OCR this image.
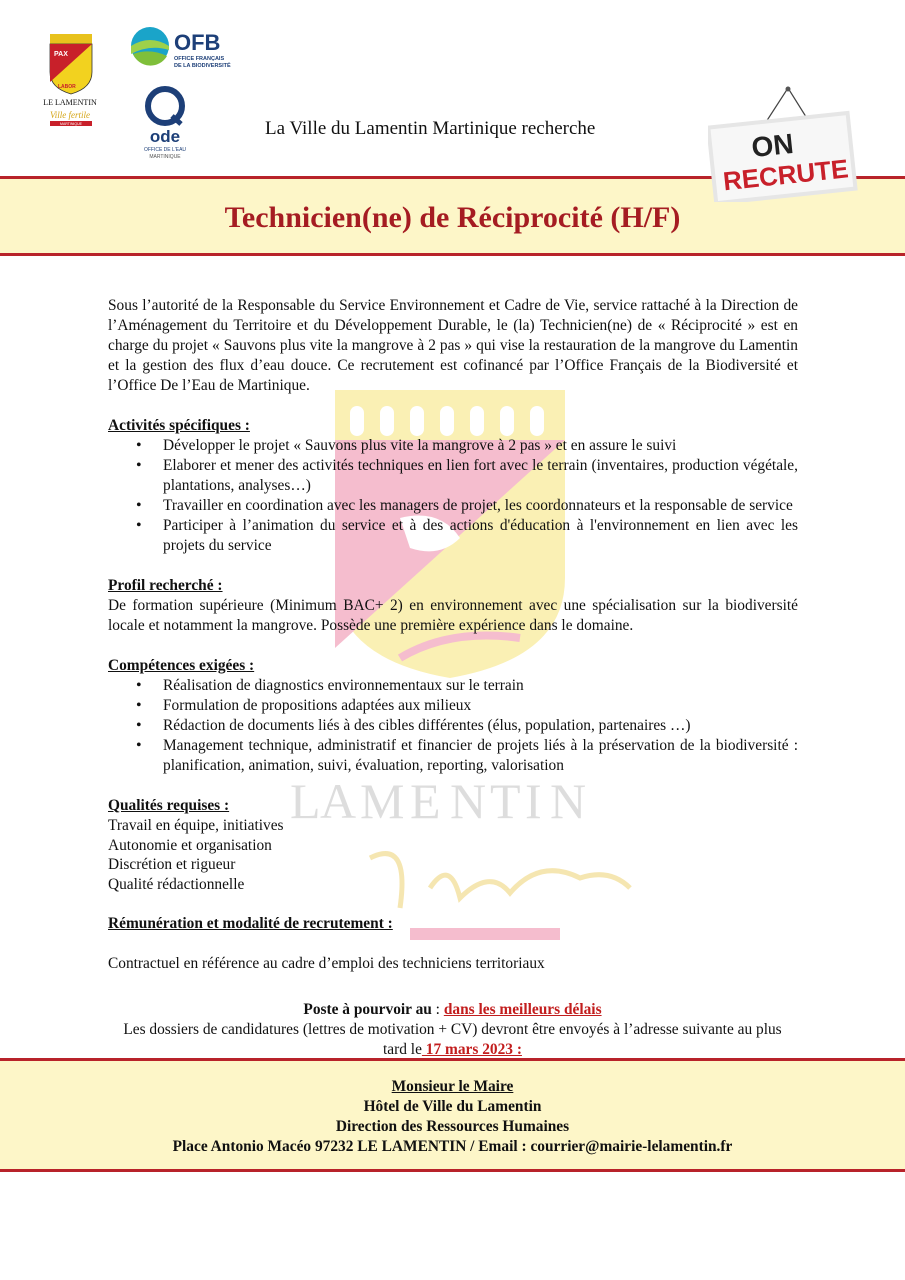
PAX
LABOR
LE LAMENTIN
Ville fertile
MARTINIQUE
OFB
OFFICE FRANÇAIS
DE LA BIODIVERSITÉ
ode
OFFICE DE L'EAU
MARTINIQUE
La Ville du Lamentin Martinique recherche
Technicien(ne) de Réciprocité (H/F)
ON
RECRUTE
L A M E N T I N

Sous l’autorité de la Responsable du Service Environnement et Cadre de Vie, service rattaché à la Direction de l’Aménagement du Territoire et du Développement Durable, le (la) Technicien(ne) de « Réciprocité » est en charge du projet « Sauvons plus vite la mangrove à 2 pas » qui vise la restauration de la mangrove du Lamentin et la gestion des flux d’eau douce. Ce recrutement est cofinancé par l’Office Français de la Biodiversité et l’Office De l’Eau de Martinique.

Activités spécifiques :

• Développer le projet « Sauvons plus vite la mangrove à 2 pas » et en assure le suivi
• Elaborer et mener des activités techniques en lien fort avec le terrain (inventaires, production végétale, plantations, analyses…)
• Travailler en coordination avec les managers de projet, les coordonnateurs et la responsable de service
• Participer à l’animation du service et à des actions d'éducation à l'environnement en lien avec les projets du service

Profil recherché :

De formation supérieure (Minimum BAC+ 2) en environnement avec une spécialisation sur la biodiversité locale et notamment la mangrove. Possède une première expérience dans le domaine.

Compétences exigées :

• Réalisation de diagnostics environnementaux sur le terrain
• Formulation de propositions adaptées aux milieux
• Rédaction de documents liés à des cibles différentes (élus, population, partenaires …)
• Management technique, administratif et financier de projets liés à la préservation de la biodiversité : planification, animation, suivi, évaluation, reporting, valorisation

Qualités requises :

Travail en équipe, initiatives
Autonomie et organisation
Discrétion et rigueur
Qualité rédactionnelle

Rémunération et modalité de recrutement :

Contractuel en référence au cadre d’emploi des techniciens territoriaux

Poste à pourvoir au : dans les meilleurs délais
Les dossiers de candidatures (lettres de motivation + CV) devront être envoyés à l’adresse suivante au plus
tard le 17 mars 2023 :
Monsieur le Maire
Hôtel de Ville du Lamentin
Direction des Ressources Humaines
Place Antonio Macéo 97232 LE LAMENTIN / Email : courrier@mairie-lelamentin.fr
